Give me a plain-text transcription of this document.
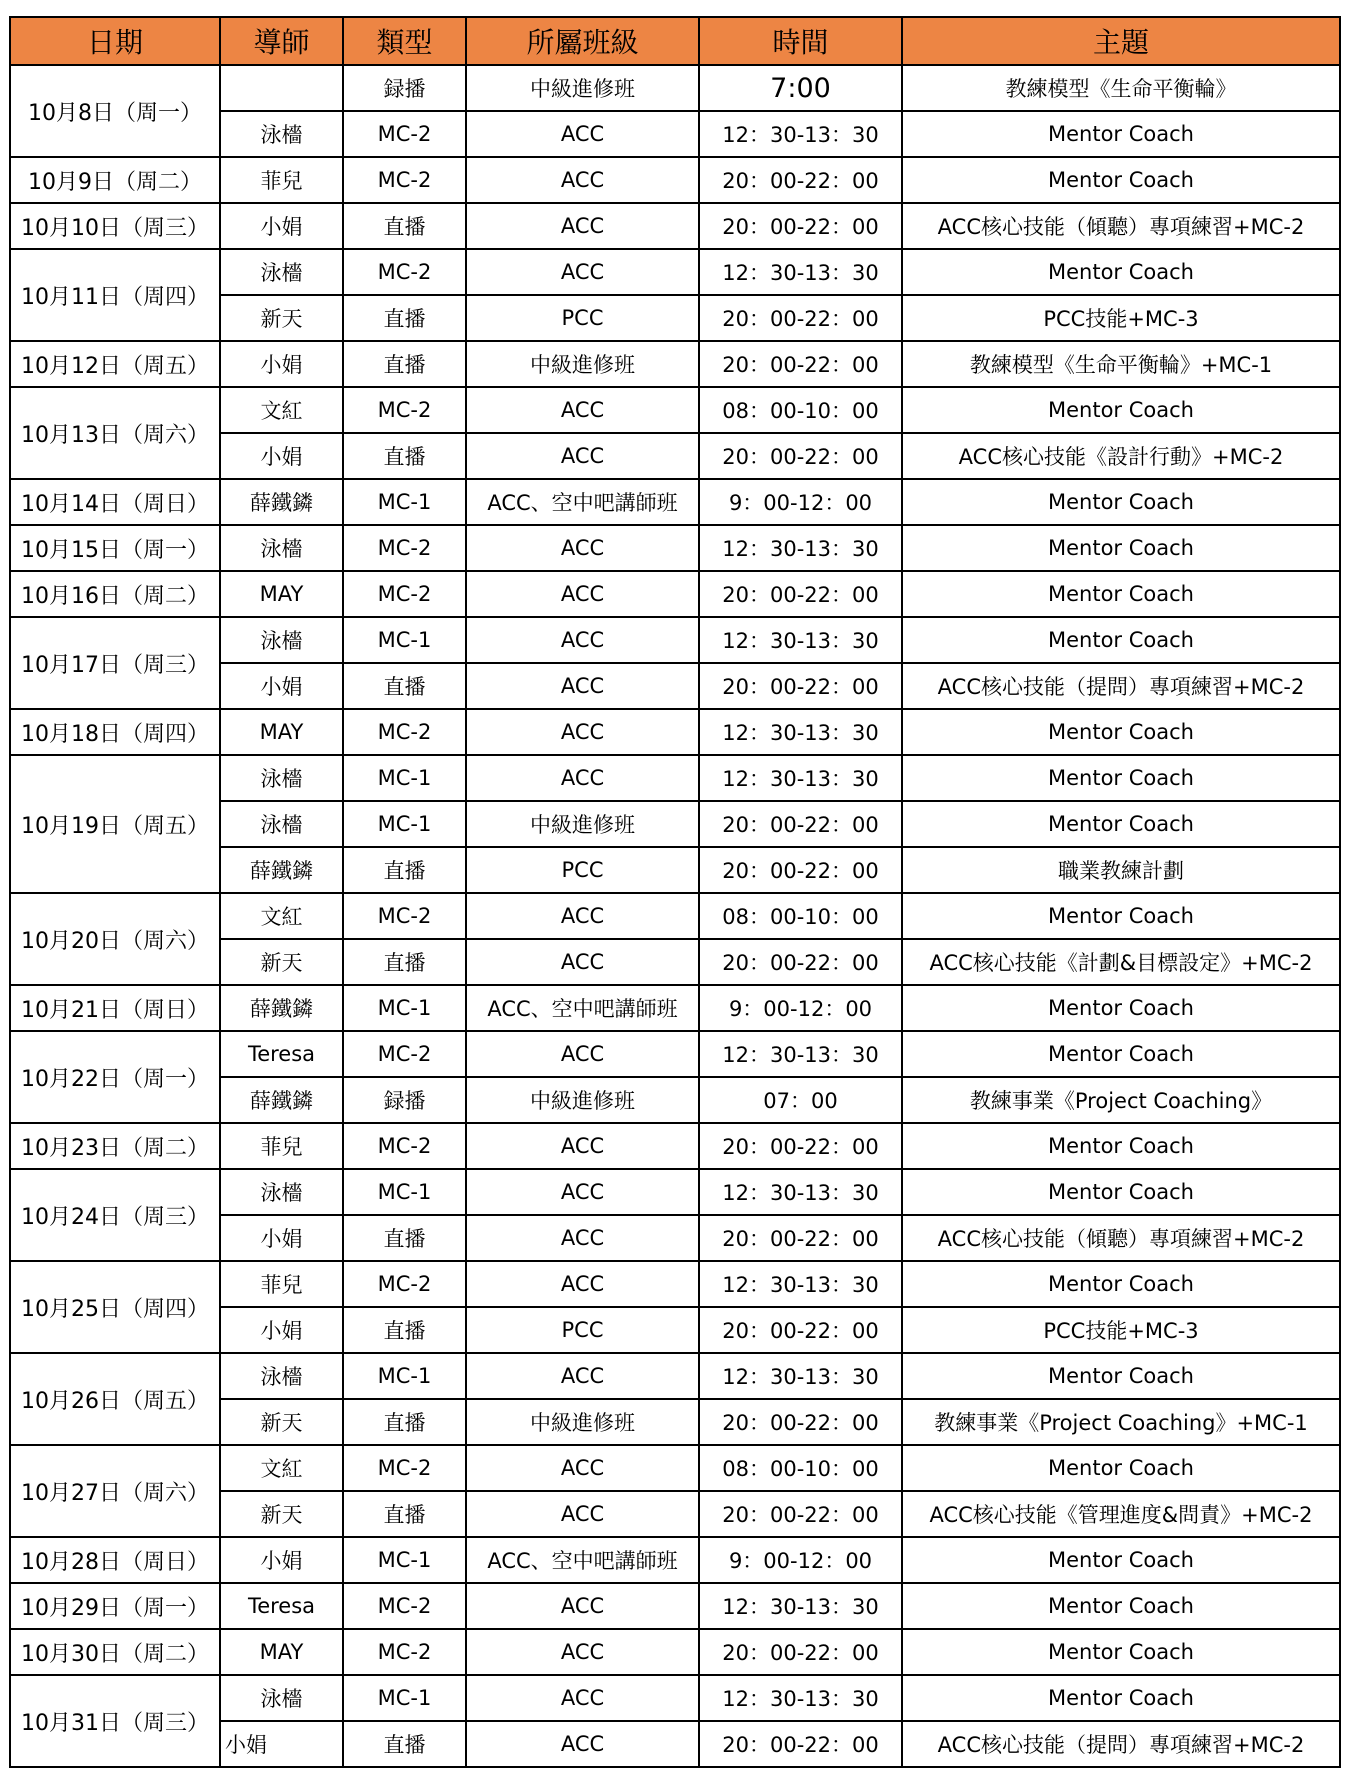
日期	導師	類型	所屬班級	時間	主題
10月8日（周一）		録播	中級進修班	7:00	教練模型《生命平衡輪》
	泳檣	MC-2	ACC	12：30-13：30	Mentor Coach
10月9日（周二）	菲兒	MC-2	ACC	20：00-22：00	Mentor Coach
10月10日（周三）	小娟	直播	ACC	20：00-22：00	ACC核心技能（傾聽）專項練習+MC-2
10月11日（周四）	泳檣	MC-2	ACC	12：30-13：30	Mentor Coach
	新天	直播	PCC	20：00-22：00	PCC技能+MC-3
10月12日（周五）	小娟	直播	中級進修班	20：00-22：00	教練模型《生命平衡輪》+MC-1
10月13日（周六）	文紅	MC-2	ACC	08：00-10：00	Mentor Coach
	小娟	直播	ACC	20：00-22：00	ACC核心技能《設計行動》+MC-2
10月14日（周日）	薛鐵鏻	MC-1	ACC、空中吧講師班	9：00-12：00	Mentor Coach
10月15日（周一）	泳檣	MC-2	ACC	12：30-13：30	Mentor Coach
10月16日（周二）	MAY	MC-2	ACC	20：00-22：00	Mentor Coach
10月17日（周三）	泳檣	MC-1	ACC	12：30-13：30	Mentor Coach
	小娟	直播	ACC	20：00-22：00	ACC核心技能（提問）專項練習+MC-2
10月18日（周四）	MAY	MC-2	ACC	12：30-13：30	Mentor Coach
10月19日（周五）	泳檣	MC-1	ACC	12：30-13：30	Mentor Coach
	泳檣	MC-1	中級進修班	20：00-22：00	Mentor Coach
	薛鐵鏻	直播	PCC	20：00-22：00	職業教練計劃
10月20日（周六）	文紅	MC-2	ACC	08：00-10：00	Mentor Coach
	新天	直播	ACC	20：00-22：00	ACC核心技能《計劃&目標設定》+MC-2
10月21日（周日）	薛鐵鏻	MC-1	ACC、空中吧講師班	9：00-12：00	Mentor Coach
10月22日（周一）	Teresa	MC-2	ACC	12：30-13：30	Mentor Coach
	薛鐵鏻	録播	中級進修班	07：00	教練事業《Project Coaching》
10月23日（周二）	菲兒	MC-2	ACC	20：00-22：00	Mentor Coach
10月24日（周三）	泳檣	MC-1	ACC	12：30-13：30	Mentor Coach
	小娟	直播	ACC	20：00-22：00	ACC核心技能（傾聽）專項練習+MC-2
10月25日（周四）	菲兒	MC-2	ACC	12：30-13：30	Mentor Coach
	小娟	直播	PCC	20：00-22：00	PCC技能+MC-3
10月26日（周五）	泳檣	MC-1	ACC	12：30-13：30	Mentor Coach
	新天	直播	中級進修班	20：00-22：00	教練事業《Project Coaching》+MC-1
10月27日（周六）	文紅	MC-2	ACC	08：00-10：00	Mentor Coach
	新天	直播	ACC	20：00-22：00	ACC核心技能《管理進度&問責》+MC-2
10月28日（周日）	小娟	MC-1	ACC、空中吧講師班	9：00-12：00	Mentor Coach
10月29日（周一）	Teresa	MC-2	ACC	12：30-13：30	Mentor Coach
10月30日（周二）	MAY	MC-2	ACC	20：00-22：00	Mentor Coach
10月31日（周三）	泳檣	MC-1	ACC	12：30-13：30	Mentor Coach
	小娟	直播	ACC	20：00-22：00	ACC核心技能（提問）專項練習+MC-2
